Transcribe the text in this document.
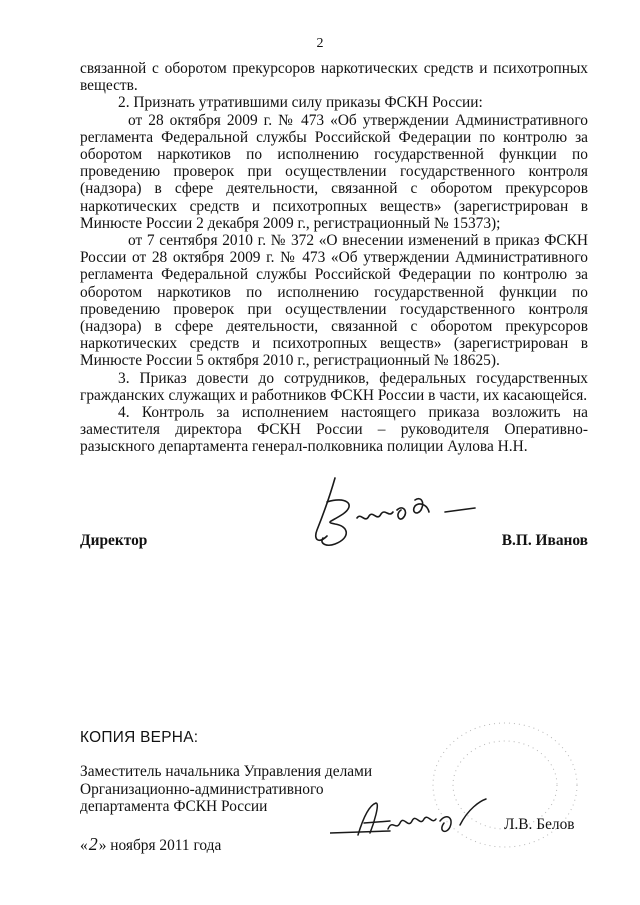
2

связанной с оборотом прекурсоров наркотических средств и психотропных веществ.

2. Признать утратившими силу приказы ФСКН России:

от 28 октября 2009 г. № 473 «Об утверждении Административного регламента Федеральной службы Российской Федерации по контролю за оборотом наркотиков по исполнению государственной функции по проведению проверок при осуществлении государственного контроля (надзора) в сфере деятельности, связанной с оборотом прекурсоров наркотических средств и психотропных веществ» (зарегистрирован в Минюсте России 2 декабря 2009 г., регистрационный № 15373);

от 7 сентября 2010 г. № 372 «О внесении изменений в приказ ФСКН России от 28 октября 2009 г. № 473 «Об утверждении Административного регламента Федеральной службы Российской Федерации по контролю за оборотом наркотиков по исполнению государственной функции по проведению проверок при осуществлении государственного контроля (надзора) в сфере деятельности, связанной с оборотом прекурсоров наркотических средств и психотропных веществ» (зарегистрирован в Минюсте России 5 октября 2010 г., регистрационный № 18625).

3. Приказ довести до сотрудников, федеральных государственных гражданских служащих и работников ФСКН России в части, их касающейся.

4. Контроль за исполнением настоящего приказа возложить на заместителя директора ФСКН России – руководителя Оперативно-разыскного департамента генерал-полковника полиции Аулова Н.Н.

Директор	В.П. Иванов
КОПИЯ ВЕРНА:
Заместитель начальника Управления делами
Организационно-административного
департамента ФСКН России
Л.В. Белов
«2» ноября 2011 года
